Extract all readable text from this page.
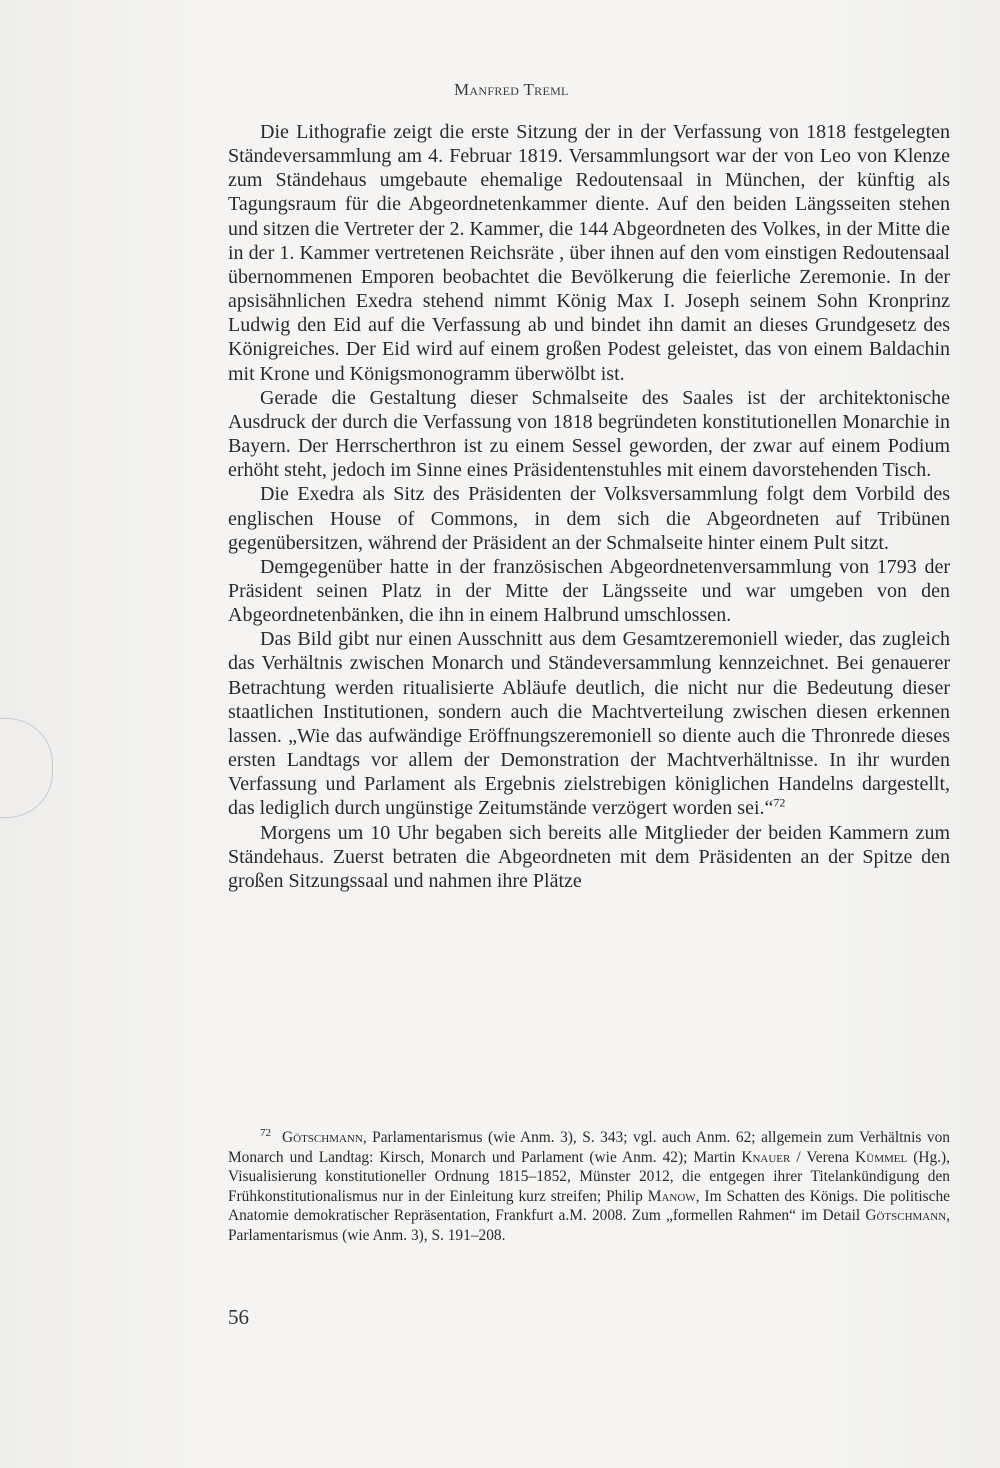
Manfred Treml

Die Lithografie zeigt die erste Sitzung der in der Verfassung von 1818 festgelegten Ständeversammlung am 4. Februar 1819. Versammlungsort war der von Leo von Klenze zum Ständehaus umgebaute ehemalige Redoutensaal in München, der künftig als Tagungsraum für die Abgeordnetenkammer diente. Auf den beiden Längsseiten stehen und sitzen die Vertreter der 2. Kammer, die 144 Abgeordneten des Volkes, in der Mitte die in der 1. Kammer vertretenen Reichsräte , über ihnen auf den vom einstigen Redoutensaal übernommenen Emporen beobachtet die Bevölkerung die feierliche Zeremonie. In der apsisähnlichen Exedra stehend nimmt König Max I. Joseph seinem Sohn Kronprinz Ludwig den Eid auf die Verfassung ab und bindet ihn damit an dieses Grundgesetz des Königreiches. Der Eid wird auf einem großen Podest geleistet, das von einem Baldachin mit Krone und Königsmonogramm überwölbt ist.

Gerade die Gestaltung dieser Schmalseite des Saales ist der architektonische Ausdruck der durch die Verfassung von 1818 begründeten konstitutionellen Monarchie in Bayern. Der Herrscherthron ist zu einem Sessel geworden, der zwar auf einem Podium erhöht steht, jedoch im Sinne eines Präsidentenstuhles mit einem davorstehenden Tisch.

Die Exedra als Sitz des Präsidenten der Volksversammlung folgt dem Vorbild des englischen House of Commons, in dem sich die Abgeordneten auf Tribünen gegenübersitzen, während der Präsident an der Schmalseite hinter einem Pult sitzt.

Demgegenüber hatte in der französischen Abgeordnetenversammlung von 1793 der Präsident seinen Platz in der Mitte der Längsseite und war umgeben von den Abgeordnetenbänken, die ihn in einem Halbrund umschlossen.

Das Bild gibt nur einen Ausschnitt aus dem Gesamtzeremoniell wieder, das zugleich das Verhältnis zwischen Monarch und Ständeversammlung kennzeichnet. Bei genauerer Betrachtung werden ritualisierte Abläufe deutlich, die nicht nur die Bedeutung dieser staatlichen Institutionen, sondern auch die Machtverteilung zwischen diesen erkennen lassen. „Wie das aufwändige Eröffnungszeremoniell so diente auch die Thronrede dieses ersten Landtags vor allem der Demonstration der Machtverhältnisse. In ihr wurden Verfassung und Parlament als Ergebnis zielstrebigen königlichen Handelns dargestellt, das lediglich durch ungünstige Zeitumstände verzögert worden sei.“$^{72}$

Morgens um 10 Uhr begaben sich bereits alle Mitglieder der beiden Kammern zum Ständehaus. Zuerst betraten die Abgeordneten mit dem Präsidenten an der Spitze den großen Sitzungssaal und nahmen ihre Plätze

$^{72}$ Götschmann, Parlamentarismus (wie Anm. 3), S. 343; vgl. auch Anm. 62; allgemein zum Verhältnis von Monarch und Landtag: Kirsch, Monarch und Parlament (wie Anm. 42); Martin Knauer / Verena Kümmel (Hg.), Visualisierung konstitutioneller Ordnung 1815–1852, Münster 2012, die entgegen ihrer Titelankündigung den Frühkonstitutionalismus nur in der Einleitung kurz streifen; Philip Manow, Im Schatten des Königs. Die politische Anatomie demokratischer Repräsentation, Frankfurt a.M. 2008. Zum „formellen Rahmen“ im Detail Götschmann, Parlamentarismus (wie Anm. 3), S. 191–208.
56
